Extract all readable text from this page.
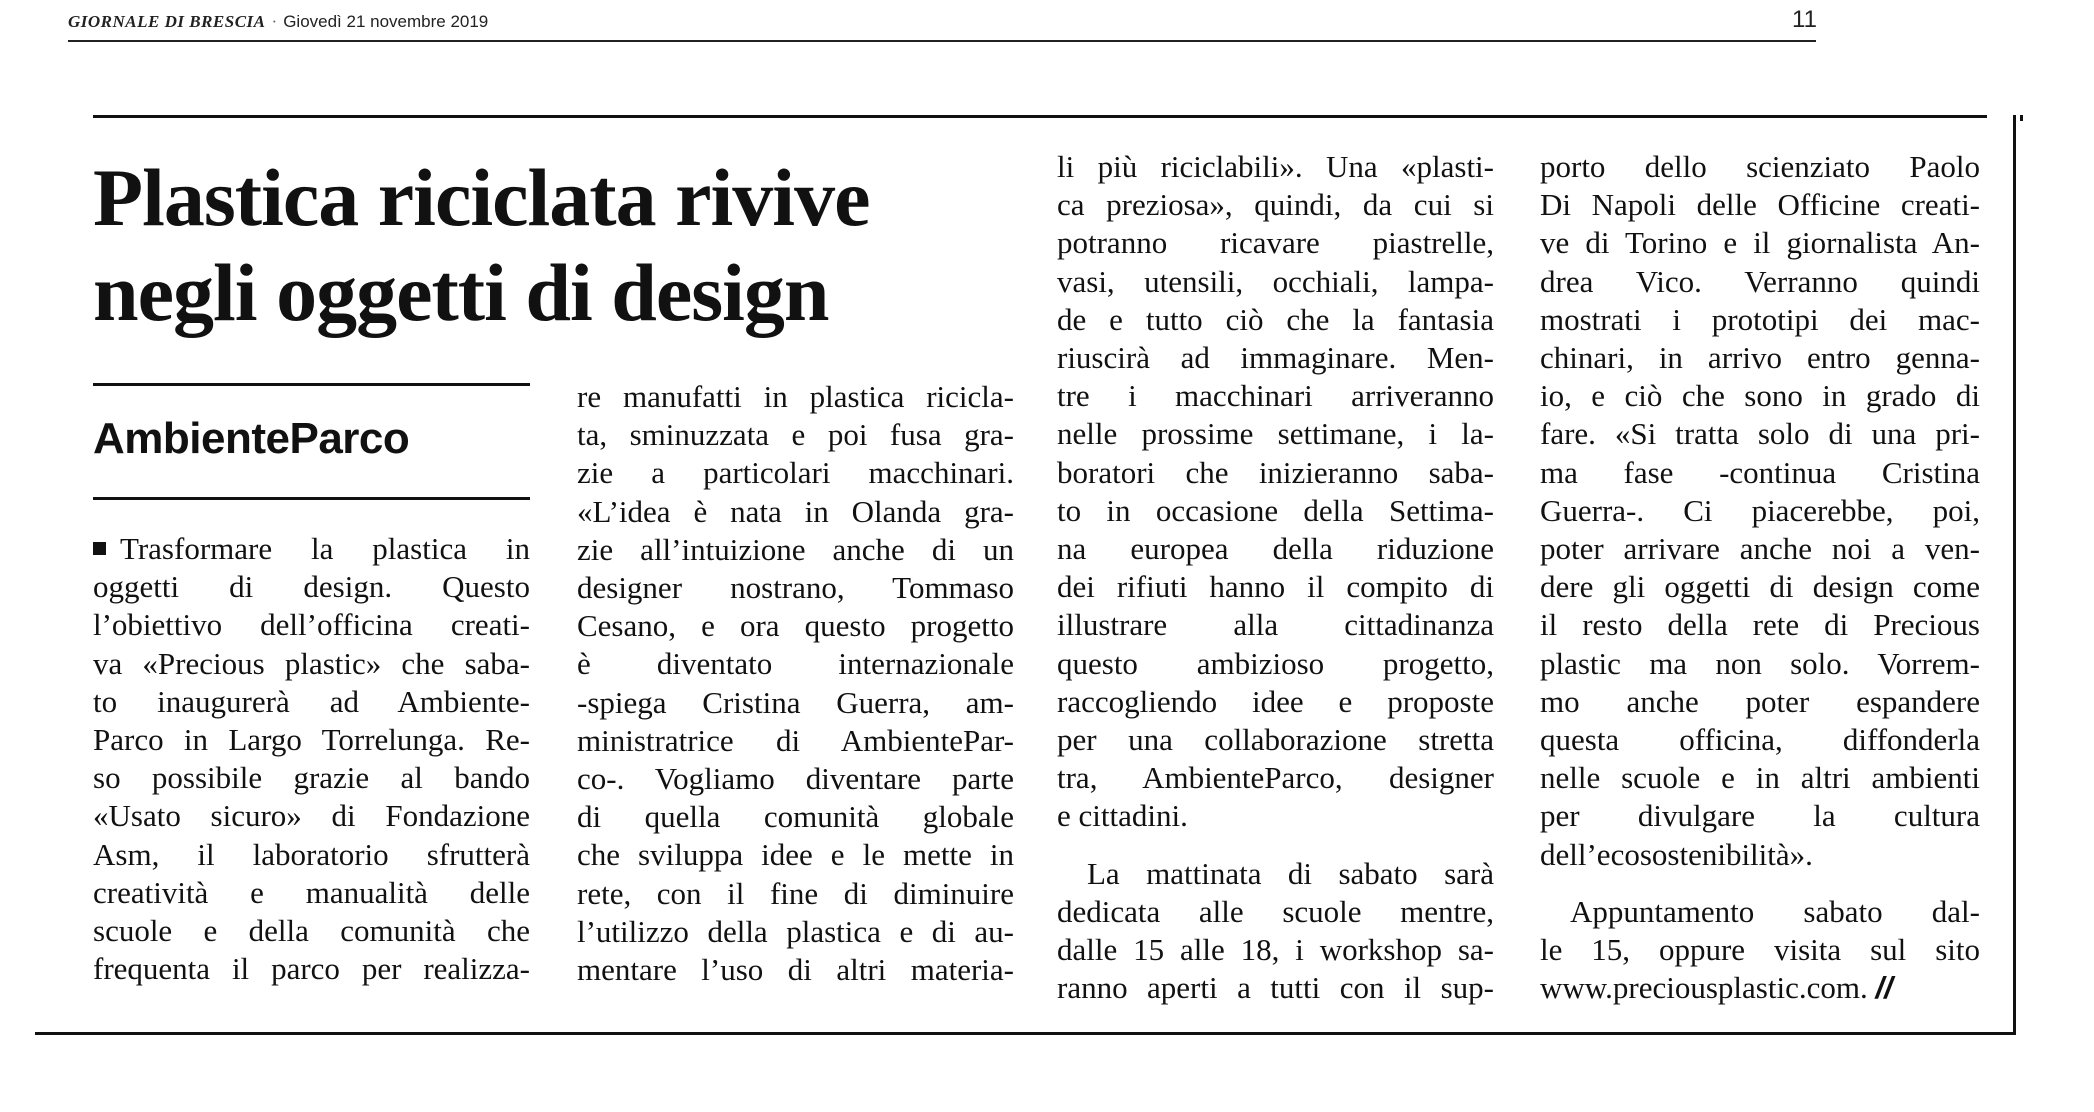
GIORNALE DI BRESCIA · Giovedì 21 novembre 2019	11
Plastica riciclata rivive
negli oggetti di design
AmbienteParco
Trasformare la plastica in
oggetti di design. Questo
l’obiettivo dell’officina creati-
va «Precious plastic» che saba-
to inaugurerà ad Ambiente-
Parco in Largo Torrelunga. Re-
so possibile grazie al bando
«Usato sicuro» di Fondazione
Asm, il laboratorio sfrutterà
creatività e manualità delle
scuole e della comunità che
frequenta il parco per realizza-
re manufatti in plastica ricicla-
ta, sminuzzata e poi fusa gra-
zie a particolari macchinari.
«L’idea è nata in Olanda gra-
zie all’intuizione anche di un
designer nostrano, Tommaso
Cesano, e ora questo progetto
è diventato internazionale
-spiega Cristina Guerra, am-
ministratrice di AmbientePar-
co-. Vogliamo diventare parte
di quella comunità globale
che sviluppa idee e le mette in
rete, con il fine di diminuire
l’utilizzo della plastica e di au-
mentare l’uso di altri materia-
li più riciclabili». Una «plasti-
ca preziosa», quindi, da cui si
potranno ricavare piastrelle,
vasi, utensili, occhiali, lampa-
de e tutto ciò che la fantasia
riuscirà ad immaginare. Men-
tre i macchinari arriveranno
nelle prossime settimane, i la-
boratori che inizieranno saba-
to in occasione della Settima-
na europea della riduzione
dei rifiuti hanno il compito di
illustrare alla cittadinanza
questo ambizioso progetto,
raccogliendo idee e proposte
per una collaborazione stretta
tra, AmbienteParco, designer
e cittadini.
La mattinata di sabato sarà
dedicata alle scuole mentre,
dalle 15 alle 18, i workshop sa-
ranno aperti a tutti con il sup-
porto dello scienziato Paolo
Di Napoli delle Officine creati-
ve di Torino e il giornalista An-
drea Vico. Verranno quindi
mostrati i prototipi dei mac-
chinari, in arrivo entro genna-
io, e ciò che sono in grado di
fare. «Si tratta solo di una pri-
ma fase -continua Cristina
Guerra-. Ci piacerebbe, poi,
poter arrivare anche noi a ven-
dere gli oggetti di design come
il resto della rete di Precious
plastic ma non solo. Vorrem-
mo anche poter espandere
questa officina, diffonderla
nelle scuole e in altri ambienti
per divulgare la cultura
dell’ecosostenibilità».
Appuntamento sabato dal-
le 15, oppure visita sul sito
www.preciousplastic.com. //
